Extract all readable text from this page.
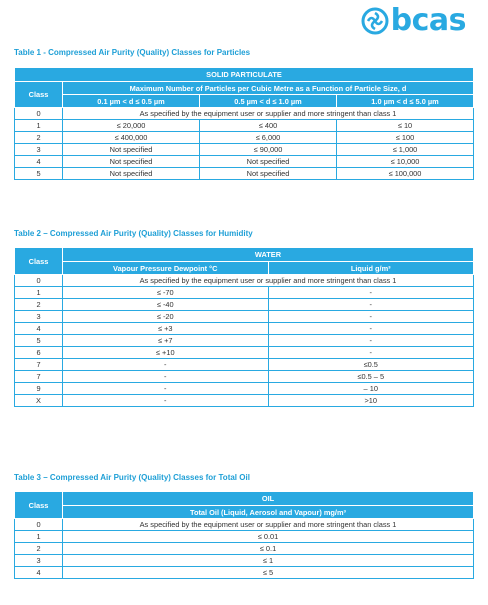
bcas
Table 1 - Compressed Air Purity (Quality) Classes for Particles
SOLID PARTICULATE			
Class	Maximum Number of Particles per Cubic Metre as a Function of Particle Size, d		
	0.1 µm < d ≤ 0.5 µm	0.5 µm < d ≤ 1.0 µm	1.0 µm < d ≤ 5.0 µm
0	As specified by the equipment user or supplier and more stringent than class 1		
1	≤ 20,000	≤ 400	≤ 10
2	≤ 400,000	≤ 6,000	≤ 100
3	Not specified	≤ 90,000	≤ 1,000
4	Not specified	Not specified	≤ 10,000
5	Not specified	Not specified	≤ 100,000
Table 2 – Compressed Air Purity (Quality) Classes for Humidity
Class	WATER	
	Vapour Pressure Dewpoint °C	Liquid g/m³
0	As specified by the equipment user or supplier and more stringent than class 1	
1	≤ -70	-
2	≤ -40	-
3	≤ -20	-
4	≤ +3	-
5	≤ +7	-
6	≤ +10	-
7	-	≤0.5
7	-	≤0.5 – 5
9	-	– 10
X	-	>10
Table 3 – Compressed Air Purity (Quality) Classes for Total Oil
Class	OIL
	Total Oil (Liquid, Aerosol and Vapour) mg/m³
0	As specified by the equipment user or supplier and more stringent than class 1
1	≤ 0.01
2	≤ 0.1
3	≤ 1
4	≤ 5
